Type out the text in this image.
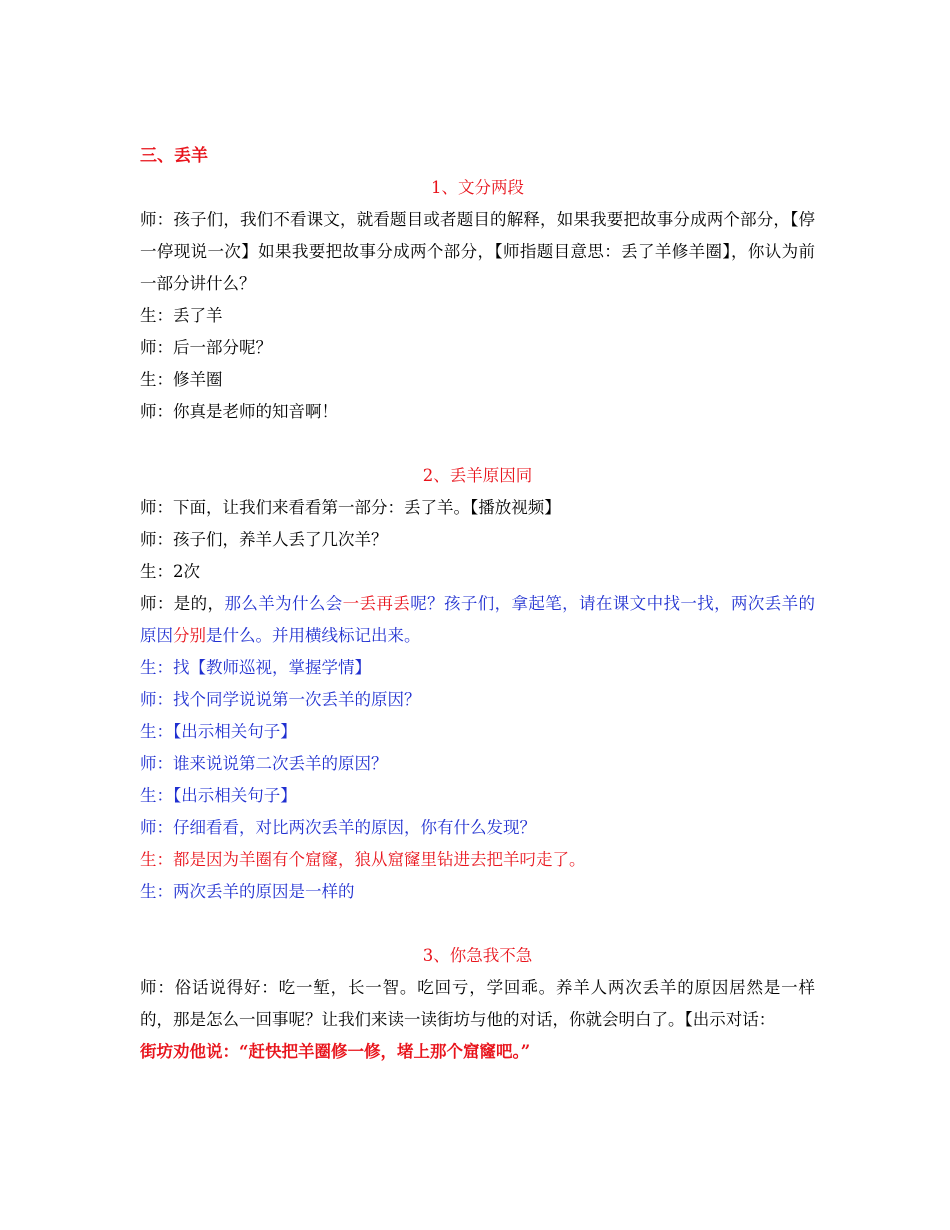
三、丢羊

1、文分两段

师：孩子们，我们不看课文，就看题目或者题目的解释，如果我要把故事分成两个部分，【停一停现说一次】如果我要把故事分成两个部分，【师指题目意思：丢了羊修羊圈】，你认为前一部分讲什么？

生：丢了羊

师：后一部分呢？

生：修羊圈

师：你真是老师的知音啊！

2、丢羊原因同

师：下面，让我们来看看第一部分：丢了羊。【播放视频】

师：孩子们，养羊人丢了几次羊？

生：2次

师：是的，那么羊为什么会一丢再丢呢？孩子们，拿起笔，请在课文中找一找，两次丢羊的原因分别是什么。并用横线标记出来。

生：找【教师巡视，掌握学情】

师：找个同学说说第一次丢羊的原因？

生：【出示相关句子】

师：谁来说说第二次丢羊的原因？

生：【出示相关句子】

师：仔细看看，对比两次丢羊的原因，你有什么发现？

生：都是因为羊圈有个窟窿，狼从窟窿里钻进去把羊叼走了。

生：两次丢羊的原因是一样的

3、你急我不急

师：俗话说得好：吃一堑，长一智。吃回亏，学回乖。养羊人两次丢羊的原因居然是一样的，那是怎么一回事呢？让我们来读一读街坊与他的对话，你就会明白了。【出示对话：

街坊劝他说：“赶快把羊圈修一修，堵上那个窟窿吧。”
